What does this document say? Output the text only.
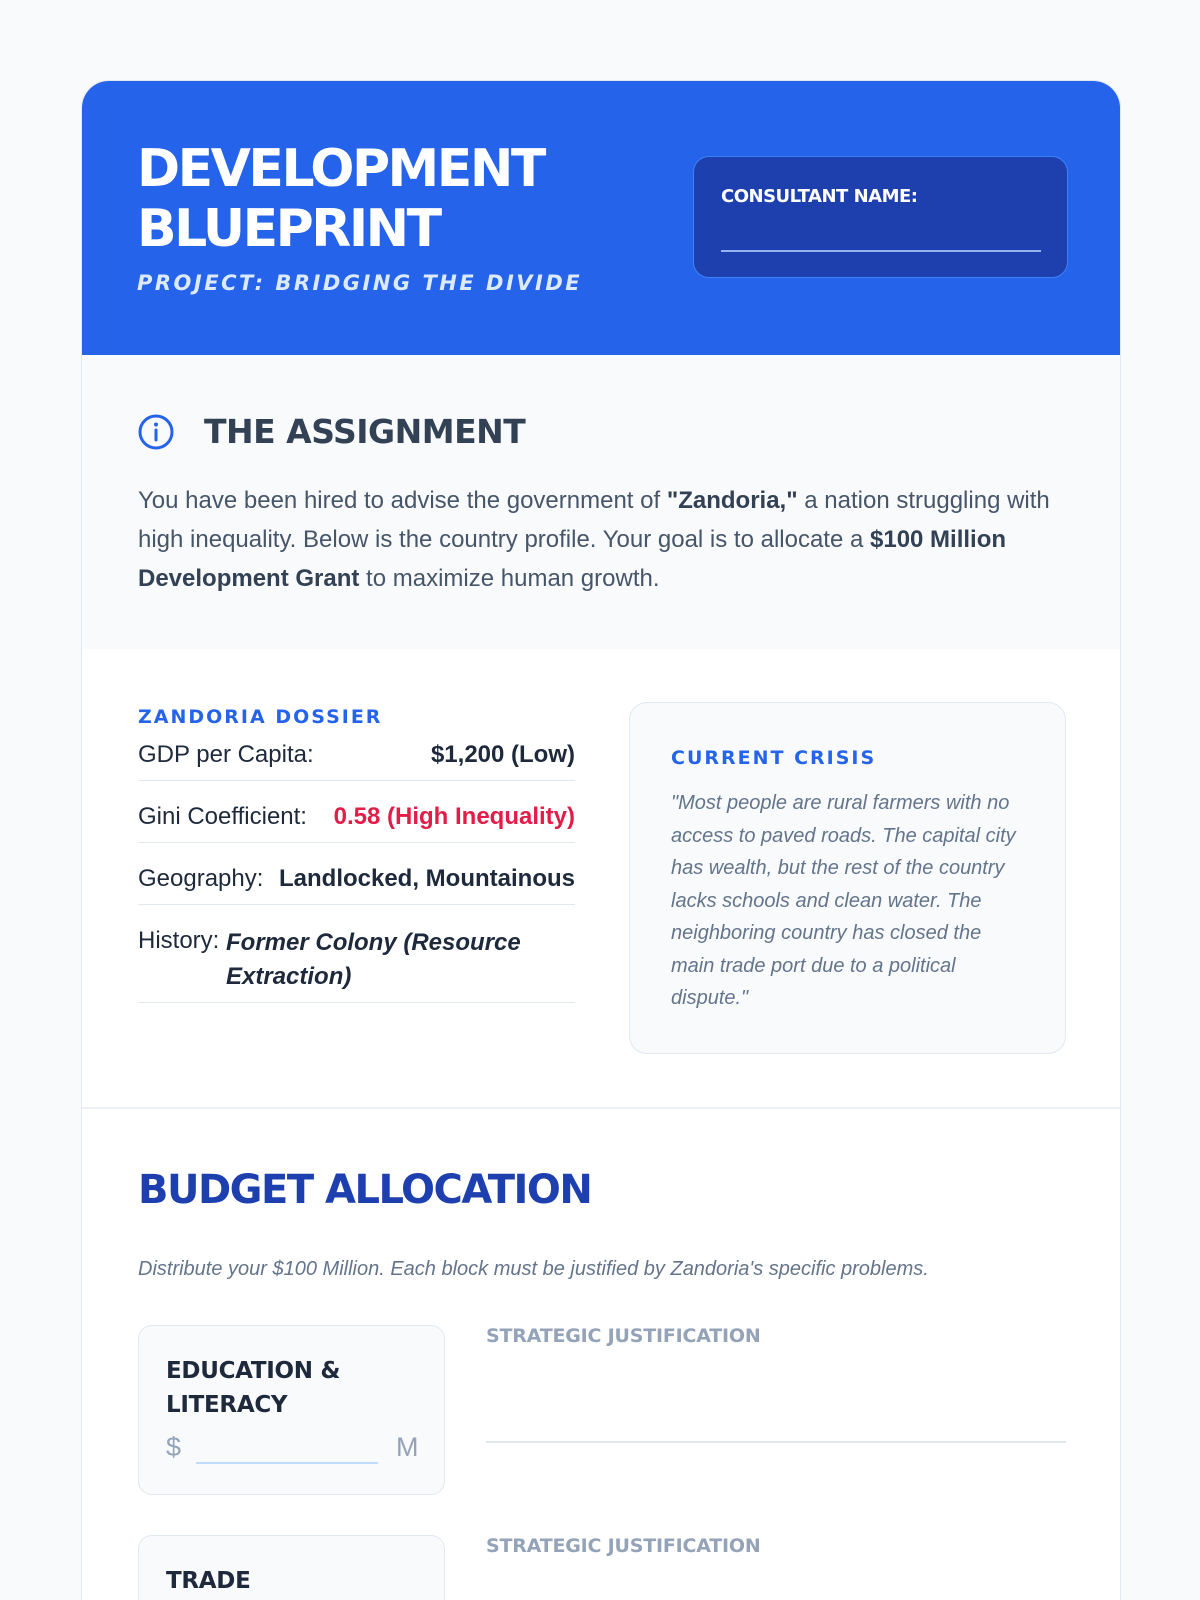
DEVELOPMENT
BLUEPRINT
PROJECT: BRIDGING THE DIVIDE
CONSULTANT NAME:
THE ASSIGNMENT
You have been hired to advise the government of "Zandoria," a nation struggling with high inequality. Below is the country profile. Your goal is to allocate a $100 Million Development Grant to maximize human growth.
ZANDORIA DOSSIER
GDP per Capita:	$1,200 (Low)
Gini Coefficient: 0.58 (High Inequality)
Geography: Landlocked, Mountainous
History: Former Colony (Resource Extraction)
CURRENT CRISIS
"Most people are rural farmers with no access to paved roads. The capital city has wealth, but the rest of the country lacks schools and clean water. The neighboring country has closed the main trade port due to a political dispute."
BUDGET ALLOCATION
Distribute your $100 Million. Each block must be justified by Zandoria's specific problems.
EDUCATION & LITERACY
$	M
STRATEGIC JUSTIFICATION
TRADE
STRATEGIC JUSTIFICATION
